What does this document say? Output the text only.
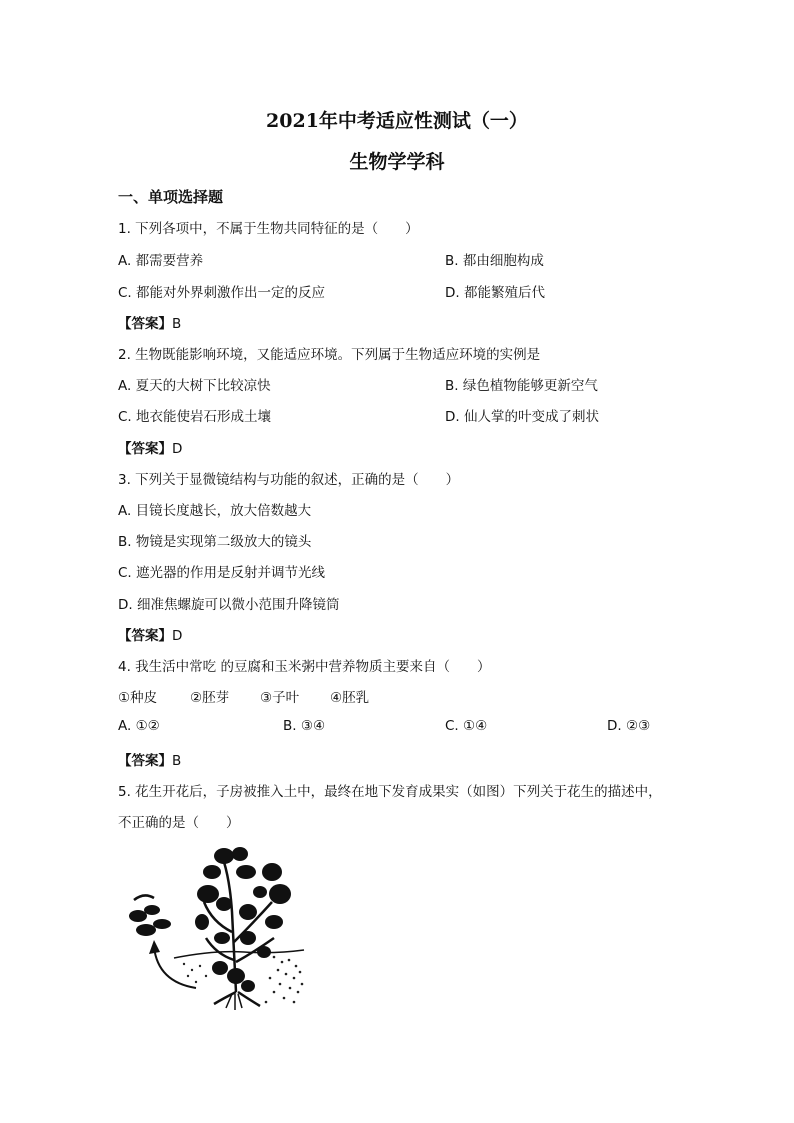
2021年中考适应性测试（一）
生物学学科
一、单项选择题
1. 下列各项中，不属于生物共同特征的是（　　）
A. 都需要营养	B. 都由细胞构成
C. 都能对外界刺激作出一定的反应	D. 都能繁殖后代
【答案】B
2. 生物既能影响环境，又能适应环境。下列属于生物适应环境的实例是
A. 夏天的大树下比较凉快	B. 绿色植物能够更新空气
C. 地衣能使岩石形成土壤	D. 仙人掌的叶变成了刺状
【答案】D
3. 下列关于显微镜结构与功能的叙述，正确的是（　　）
A. 目镜长度越长，放大倍数越大
B. 物镜是实现第二级放大的镜头
C. 遮光器的作用是反射并调节光线
D. 细准焦螺旋可以微小范围升降镜筒
【答案】D
4. 我生活中常吃 的豆腐和玉米粥中营养物质主要来自（　　）
①种皮 ②胚芽 ③子叶 ④胚乳
A. ①②	B. ③④	C. ①④	D. ②③
【答案】B
5. 花生开花后，子房被推入土中，最终在地下发育成果实（如图）下列关于花生的描述中，
不正确的是（　　）
